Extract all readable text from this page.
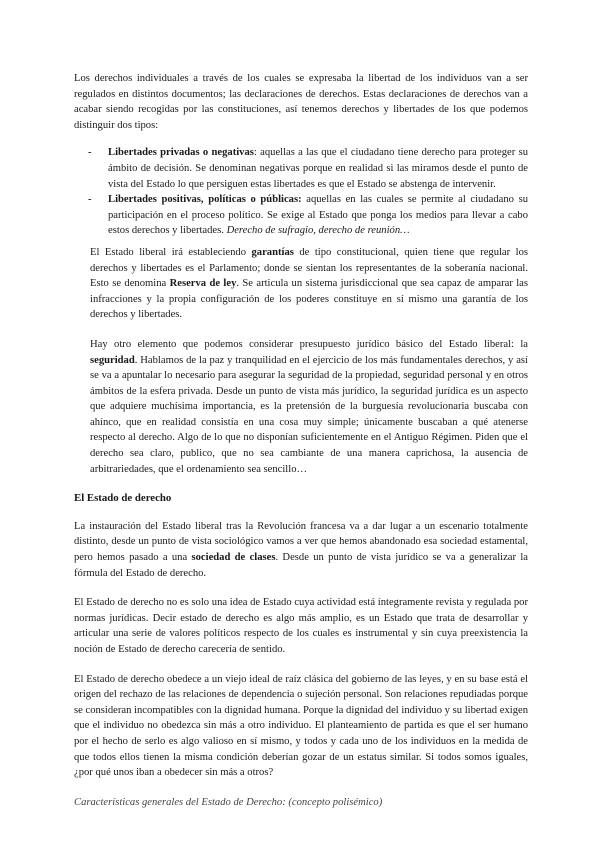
Los derechos individuales a través de los cuales se expresaba la libertad de los individuos van a ser regulados en distintos documentos; las declaraciones de derechos. Estas declaraciones de derechos van a acabar siendo recogidas por las constituciones, así tenemos derechos y libertades de los que podemos distinguir dos tipos:

- Libertades privadas o negativas: aquellas a las que el ciudadano tiene derecho para proteger su ámbito de decisión. Se denominan negativas porque en realidad si las miramos desde el punto de vista del Estado lo que persiguen estas libertades es que el Estado se abstenga de intervenir.
- Libertades positivas, políticas o públicas: aquellas en las cuales se permite al ciudadano su participación en el proceso político. Se exige al Estado que ponga los medios para llevar a cabo estos derechos y libertades. Derecho de sufragio, derecho de reunión…

El Estado liberal irá estableciendo garantías de tipo constitucional, quien tiene que regular los derechos y libertades es el Parlamento; donde se sientan los representantes de la soberanía nacional. Esto se denomina Reserva de ley. Se articula un sistema jurisdiccional que sea capaz de amparar las infracciones y la propia configuración de los poderes constituye en sí mismo una garantía de los derechos y libertades.

Hay otro elemento que podemos considerar presupuesto jurídico básico del Estado liberal: la seguridad. Hablamos de la paz y tranquilidad en el ejercicio de los más fundamentales derechos, y así se va a apuntalar lo necesario para asegurar la seguridad de la propiedad, seguridad personal y en otros ámbitos de la esfera privada. Desde un punto de vista más jurídico, la seguridad jurídica es un aspecto que adquiere muchísima importancia, es la pretensión de la burguesía revolucionaria buscaba con ahínco, que en realidad consistía en una cosa muy simple; únicamente buscaban a qué atenerse respecto al derecho. Algo de lo que no disponían suficientemente en el Antiguo Régimen. Piden que el derecho sea claro, publico, que no sea cambiante de una manera caprichosa, la ausencia de arbitrariedades, que el ordenamiento sea sencillo…

El Estado de derecho

La instauración del Estado liberal tras la Revolución francesa va a dar lugar a un escenario totalmente distinto, desde un punto de vista sociológico vamos a ver que hemos abandonado esa sociedad estamental, pero hemos pasado a una sociedad de clases. Desde un punto de vista jurídico se va a generalizar la fórmula del Estado de derecho.

El Estado de derecho no es solo una idea de Estado cuya actividad está íntegramente revista y regulada por normas jurídicas. Decir estado de derecho es algo más amplio, es un Estado que trata de desarrollar y articular una serie de valores políticos respecto de los cuales es instrumental y sin cuya preexistencia la noción de Estado de derecho carecería de sentido.

El Estado de derecho obedece a un viejo ideal de raíz clásica del gobierno de las leyes, y en su base está el origen del rechazo de las relaciones de dependencia o sujeción personal. Son relaciones repudiadas porque se consideran incompatibles con la dignidad humana. Porque la dignidad del individuo y su libertad exigen que el individuo no obedezca sin más a otro individuo. El planteamiento de partida es que el ser humano por el hecho de serlo es algo valioso en sí mismo, y todos y cada uno de los individuos en la medida de que todos ellos tienen la misma condición deberían gozar de un estatus similar. Si todos somos iguales, ¿por qué unos iban a obedecer sin más a otros?

Características generales del Estado de Derecho: (concepto polisémico)
